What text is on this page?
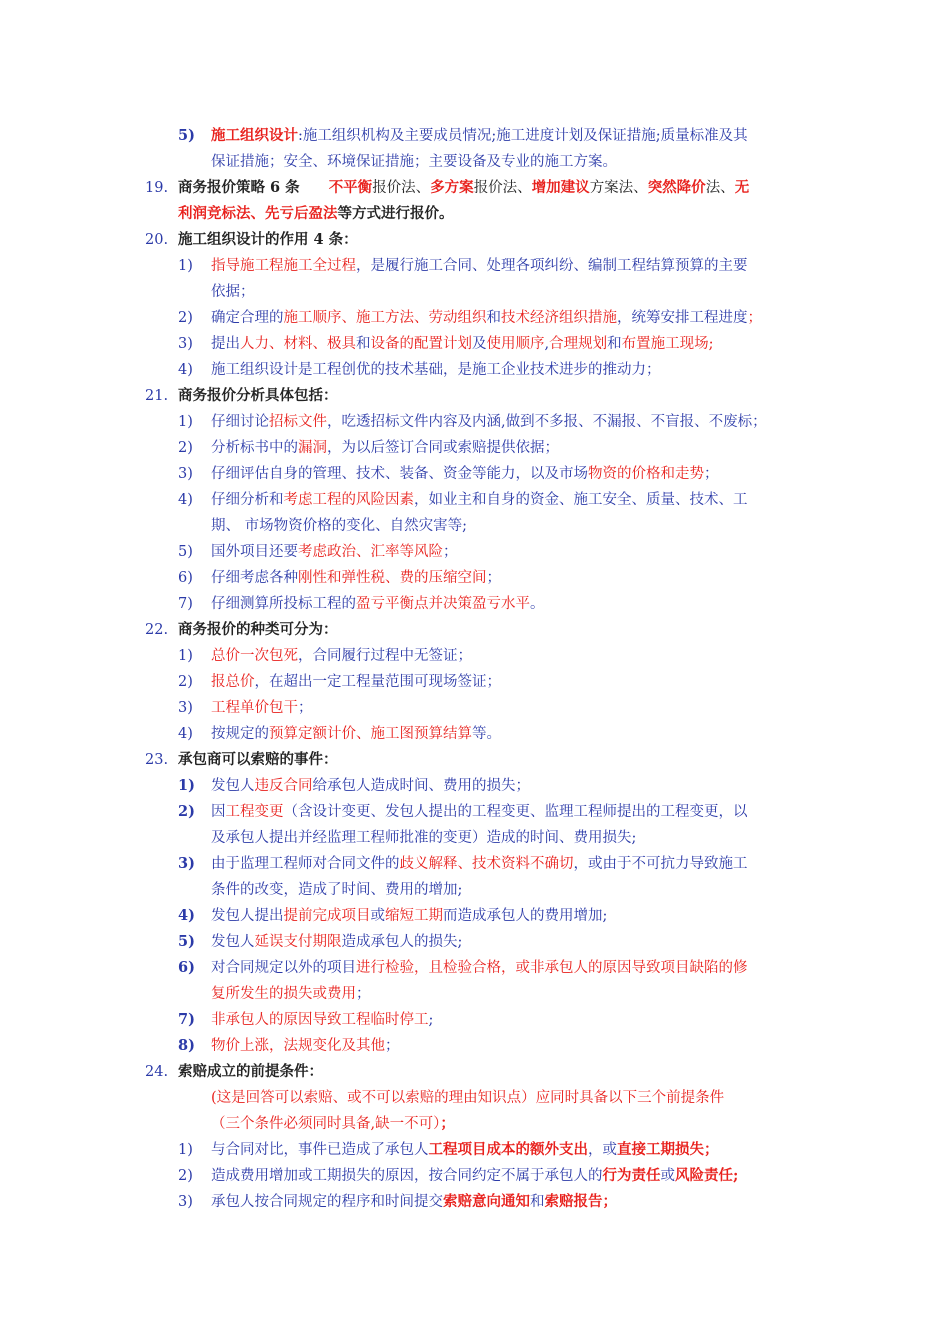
5) 施工组织设计:施工组织机构及主要成员情况;施工进度计划及保证措施;质量标准及其
保证措施；安全、环境保证措施；主要设备及专业的施工方案。
19. 商务报价策略 6 条　　 不平衡报价法、多方案报价法、增加建议方案法、突然降价法、无
利润竞标法、先亏后盈法等方式进行报价。
20. 施工组织设计的作用 4 条：
1) 指导施工程施工全过程，是履行施工合同、处理各项纠纷、编制工程结算预算的主要
依据；
2) 确定合理的施工顺序、施工方法、劳动组织和技术经济组织措施，统筹安排工程进度；
3) 提出人力、材料、极具和设备的配置计划及使用顺序,合理规划和布置施工现场;
4) 施工组织设计是工程创优的技术基础，是施工企业技术进步的推动力；
21. 商务报价分析具体包括：
1) 仔细讨论招标文件，吃透招标文件内容及内涵,做到不多报、不漏报、不盲报、不废标；
2) 分析标书中的漏洞，为以后签订合同或索赔提供依据；
3) 仔细评估自身的管理、技术、装备、资金等能力，以及市场物资的价格和走势；
4) 仔细分析和考虑工程的风险因素，如业主和自身的资金、施工安全、质量、技术、工
期、 市场物资价格的变化、自然灾害等;
5) 国外项目还要考虑政治、汇率等风险；
6) 仔细考虑各种刚性和弹性税、费的压缩空间；
7) 仔细测算所投标工程的盈亏平衡点并决策盈亏水平。
22. 商务报价的种类可分为：
1) 总价一次包死，合同履行过程中无签证；
2) 报总价，在超出一定工程量范围可现场签证；
3) 工程单价包干；
4) 按规定的预算定额计价、施工图预算结算等。
23. 承包商可以索赔的事件：
1) 发包人违反合同给承包人造成时间、费用的损失；
2) 因工程变更（含设计变更、发包人提出的工程变更、监理工程师提出的工程变更，以
及承包人提出并经监理工程师批准的变更）造成的时间、费用损失;
3) 由于监理工程师对合同文件的歧义解释、技术资料不确切，或由于不可抗力导致施工
条件的改变，造成了时间、费用的增加;
4) 发包人提出提前完成项目或缩短工期而造成承包人的费用增加;
5) 发包人延误支付期限造成承包人的损失;
6) 对合同规定以外的项目进行检验，且检验合格，或非承包人的原因导致项目缺陷的修
复所发生的损失或费用；
7) 非承包人的原因导致工程临时停工;
8) 物价上涨，法规变化及其他；
24. 索赔成立的前提条件：
(这是回答可以索赔、或不可以索赔的理由知识点）应同时具备以下三个前提条件
（三个条件必须同时具备,缺一不可）；
1) 与合同对比，事件已造成了承包人工程项目成本的额外支出，或直接工期损失；
2) 造成费用增加或工期损失的原因，按合同约定不属于承包人的行为责任或风险责任;
3) 承包人按合同规定的程序和时间提交索赔意向通知和索赔报告；
